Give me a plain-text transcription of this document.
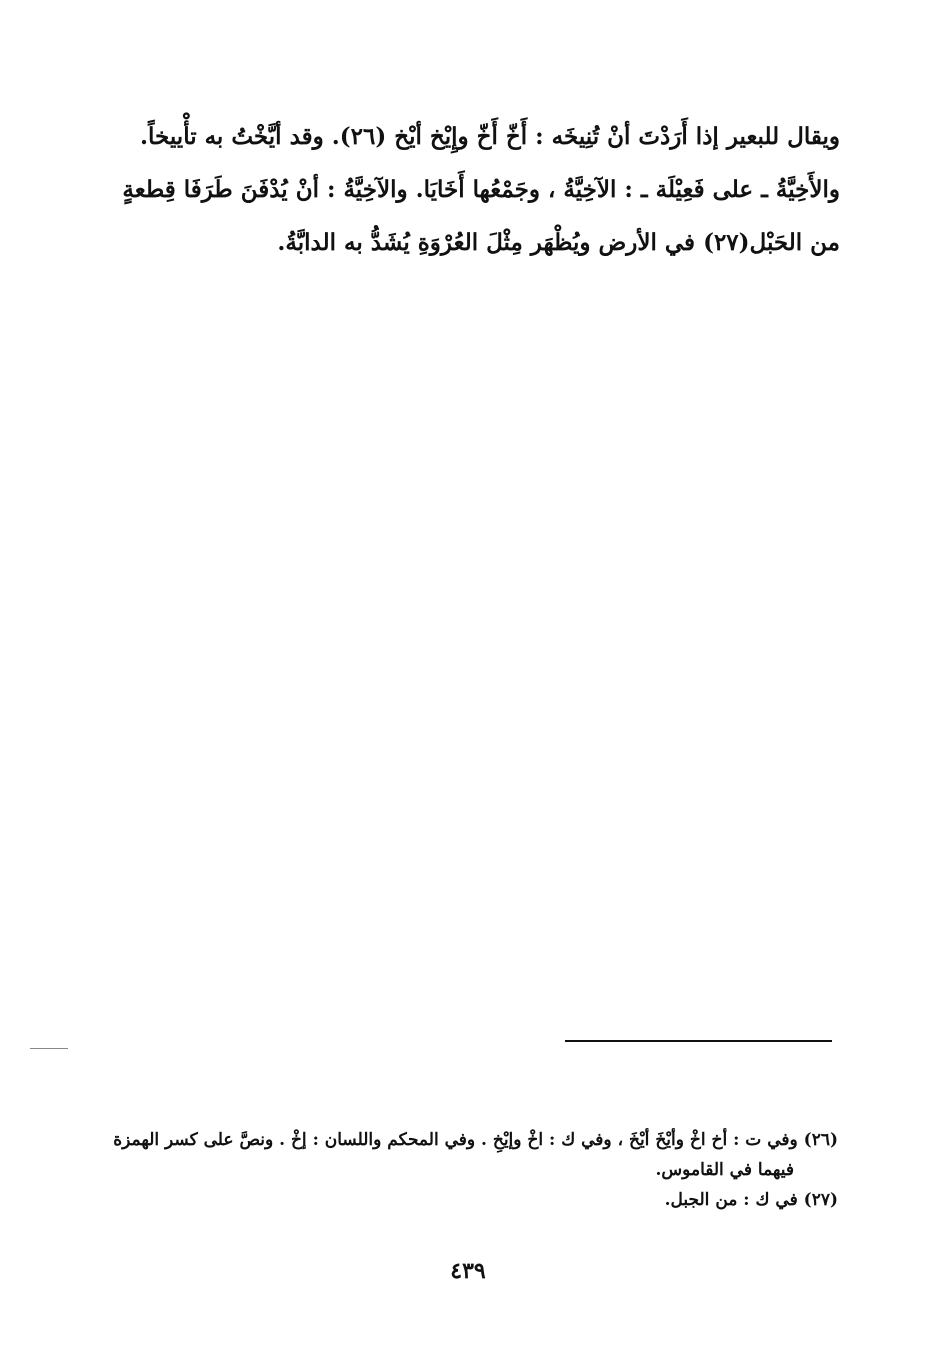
ويقال للبعير إذا أَرَدْتَ أنْ تُنِيخَه : أَخّ أَخّ وإِيْخ أيْخ (٢٦). وقد أيَّخْتُ به تأْييخاً.
والأَخِيَّةُ ـ على فَعِيْلَة ـ : الآخِيَّةُ ، وجَمْعُها أَخَايَا. والآخِيَّةُ : أنْ يُدْفَنَ طَرَفَا قِطعةٍ
من الحَبْل(٢٧) في الأرض ويُظْهَر مِثْلَ العُرْوَةِ يُشَدُّ به الدابَّةُ.

(٢٦) وفي ت : أخ اخْ وأيْخَ أيْخَ ، وفي ك : اخْ وإيْخِ . وفي المحكم واللسان : إخْ . ونصَّ على كسر الهمزة
فيهما في القاموس.

(٢٧) في ك : من الجبل.

٤٣٩
